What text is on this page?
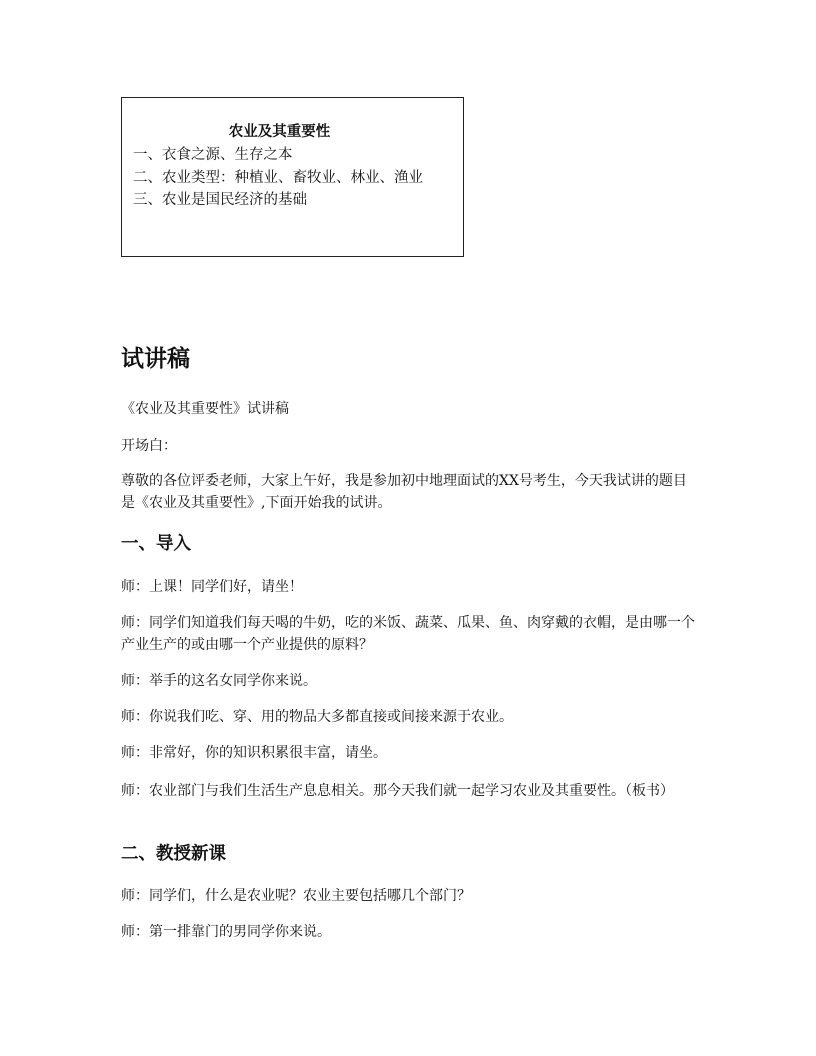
农业及其重要性
一、衣食之源、生存之本
二、农业类型：种植业、畜牧业、林业、渔业
三、农业是国民经济的基础
试讲稿

《农业及其重要性》试讲稿

开场白：

尊敬的各位评委老师，大家上午好，我是参加初中地理面试的XX号考生，今天我试讲的题目是《农业及其重要性》,下面开始我的试讲。

一、导入

师：上课！同学们好，请坐！

师：同学们知道我们每天喝的牛奶，吃的米饭、蔬菜、瓜果、鱼、肉穿戴的衣帽，是由哪一个产业生产的或由哪一个产业提供的原料？

师：举手的这名女同学你来说。

师：你说我们吃、穿、用的物品大多都直接或间接来源于农业。

师：非常好，你的知识积累很丰富，请坐。

师：农业部门与我们生活生产息息相关。那今天我们就一起学习农业及其重要性。（板书）

二、教授新课

师：同学们，什么是农业呢？农业主要包括哪几个部门？

师：第一排靠门的男同学你来说。
